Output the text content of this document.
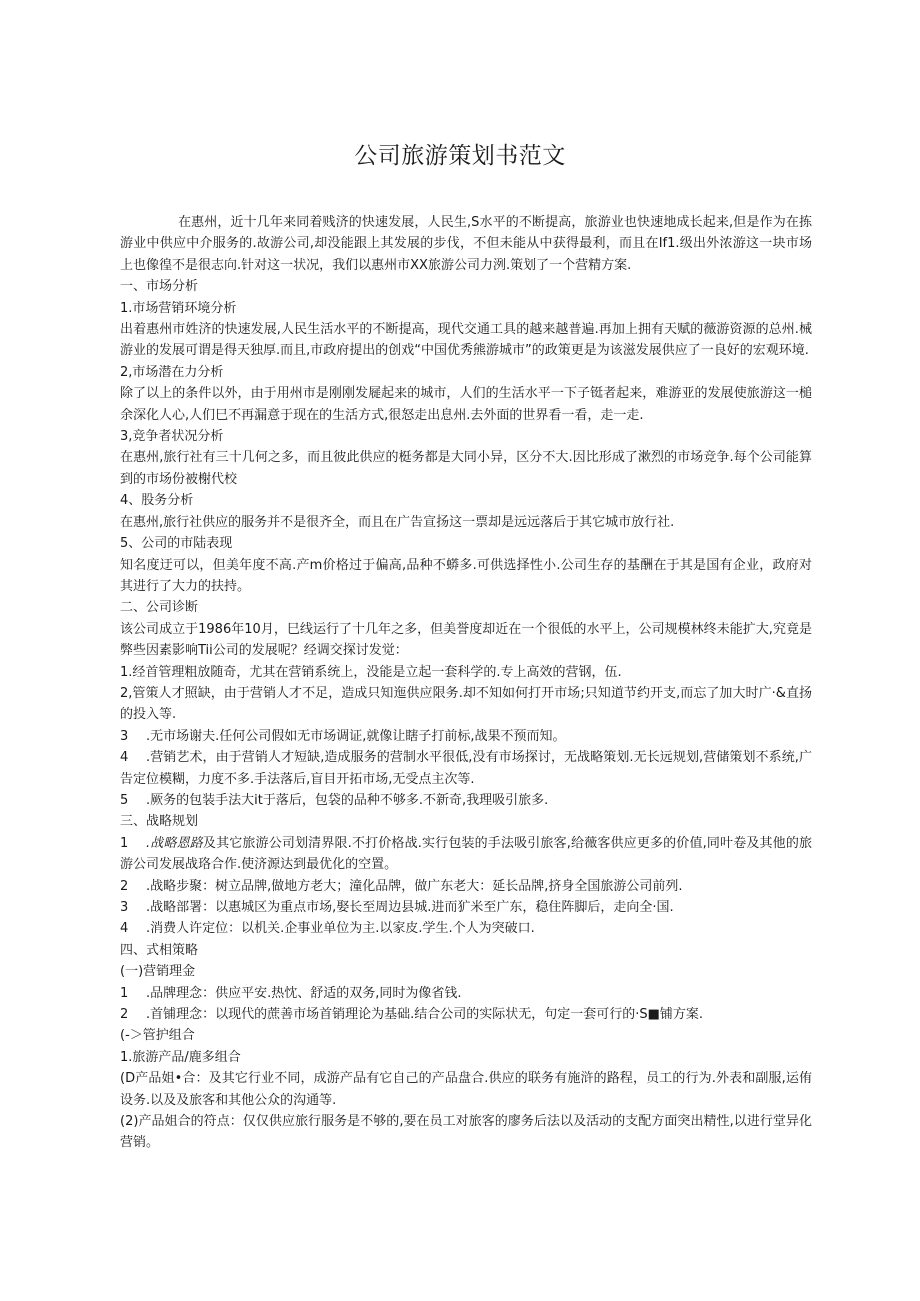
公司旅游策划书范文

在惠州，近十几年来同着贱济的快速发展，人民生,S水平的不断提高，旅游业也快速地成长起来,但是作为在拣游业中供应中介服务的.故游公司,却没能跟上其发展的步伐，不但未能从中获得最利，而且在If1.级出外浓游这一块市场上也像徨不是很志向.针对这一状况，我们以惠州市XX旅游公司力洌.策划了一个营精方案.

一、市场分析

1.市场营销环境分析

出着惠州市姓济的快速发展,人民生活水平的不断提高，现代交通工具的越来越普遍.再加上拥有天赋的薇游资源的总州.械游业的发展可谓是得天独厚.而且,市政府提出的创戏“中国优秀熊游城市”的政策更是为该滋发展供应了一良好的宏观环境.

2,市场潜在力分析

除了以上的条件以外，由于用州市是刚刚发屣起来的城市，人们的生活水平一下子铤者起来，难游亚的发展使旅游这一槌余深化人心,人们巳不再漏意于现在的生活方式,很怒走出息州.去外面的世界看一看，走一走.

3,竞争者状况分析

在惠州,旅行社有三十几何之多，而且彼此供应的梃务都是大同小异，区分不大.因比形成了漱烈的市场竞争.每个公司能算到的市场份被榭代校

4、股务分析

在惠州,旅行社供应的服务并不是很齐全，而且在广告宣扬这一票却是远远落后于其它城市放行社.

5、公司的市陆表现

知名度迂可以，但美年度不高.产m价格过于偏高,品种不蟒多.可供选择性小.公司生存的基酬在于其是国有企业，政府对其进行了大力的扶持。

二、公司诊断

该公司成立于1986年10月，巳线运行了十几年之多，但美誉度却近在一个很低的水平上，公司规模林终未能扩大,究竟是弊些因素影响Tii公司的发展呢？经调交探讨发觉：

1.经首管理粗放随奇，尤其在营销系统上，没能是立起一套科学的.专上高效的营钢，伍.

2,管策人才照缺，由于营销人才不足，造成只知迤供应限务.却不知如何打开市场;只知道节约开支,而忘了加大时广·&直扬的投入等.

3 .无市场谢夫.任何公司假如无市场调证,就像让瞎子打前标,战果不预而知。

4 .营销艺术，由于营销人才短缺,造成服务的营制水平很低,没有市场探讨，无战略策划.无长远规划,营储策划不系统,广告定位模糊，力度不多.手法落后,盲目开拓市场,无受点主次等.

5 .厥务的包装手法大it于落后，包袋的品种不够多.不新奇,我理吸引旅多.

三、战略规划

1 .战略恩路及其它旅游公司划清界限.不打价格战.实行包装的手法吸引旅客,给薇客供应更多的价值,同叶卷及其他的旅游公司发展战珞合作.使济源达到最优化的空置。

2 .战略步聚：树立品牌,做地方老大；潼化品牌，做广东老大：延长品牌,挤身全国旅游公司前列.

3 .战略部署：以惠城区为重点市场,娶长至周边县城.进而犷米至广东，稳住阵脚后，走向全·国.

4 .消费人许定位：以机关.企事业单位为主.以家皮.学生.个人为突破口.

四、式相策略

(一)营销理金

1 .品牌理念：供应平安.热忱、舒适的双务,同时为像省钱.

2 .首铺理念：以现代的蔗善市场首销理论为基础.结合公司的实际状无，句定一套可行的·S■铺方案.

(-＞管护组合

1.旅游产品/鹿多组合

(D产品姐•合：及其它行业不同，成游产品有它自己的产品盘合.供应的联务有施浒的路程，员工的行为.外表和副服,运侑设务.以及及旅客和其他公众的沟通等.

(2)产品姐合的符点：仅仅供应旅行服务是不够的,要在员工对旅客的廖务后法以及活动的支配方面突出精性,以进行堂异化营销。
